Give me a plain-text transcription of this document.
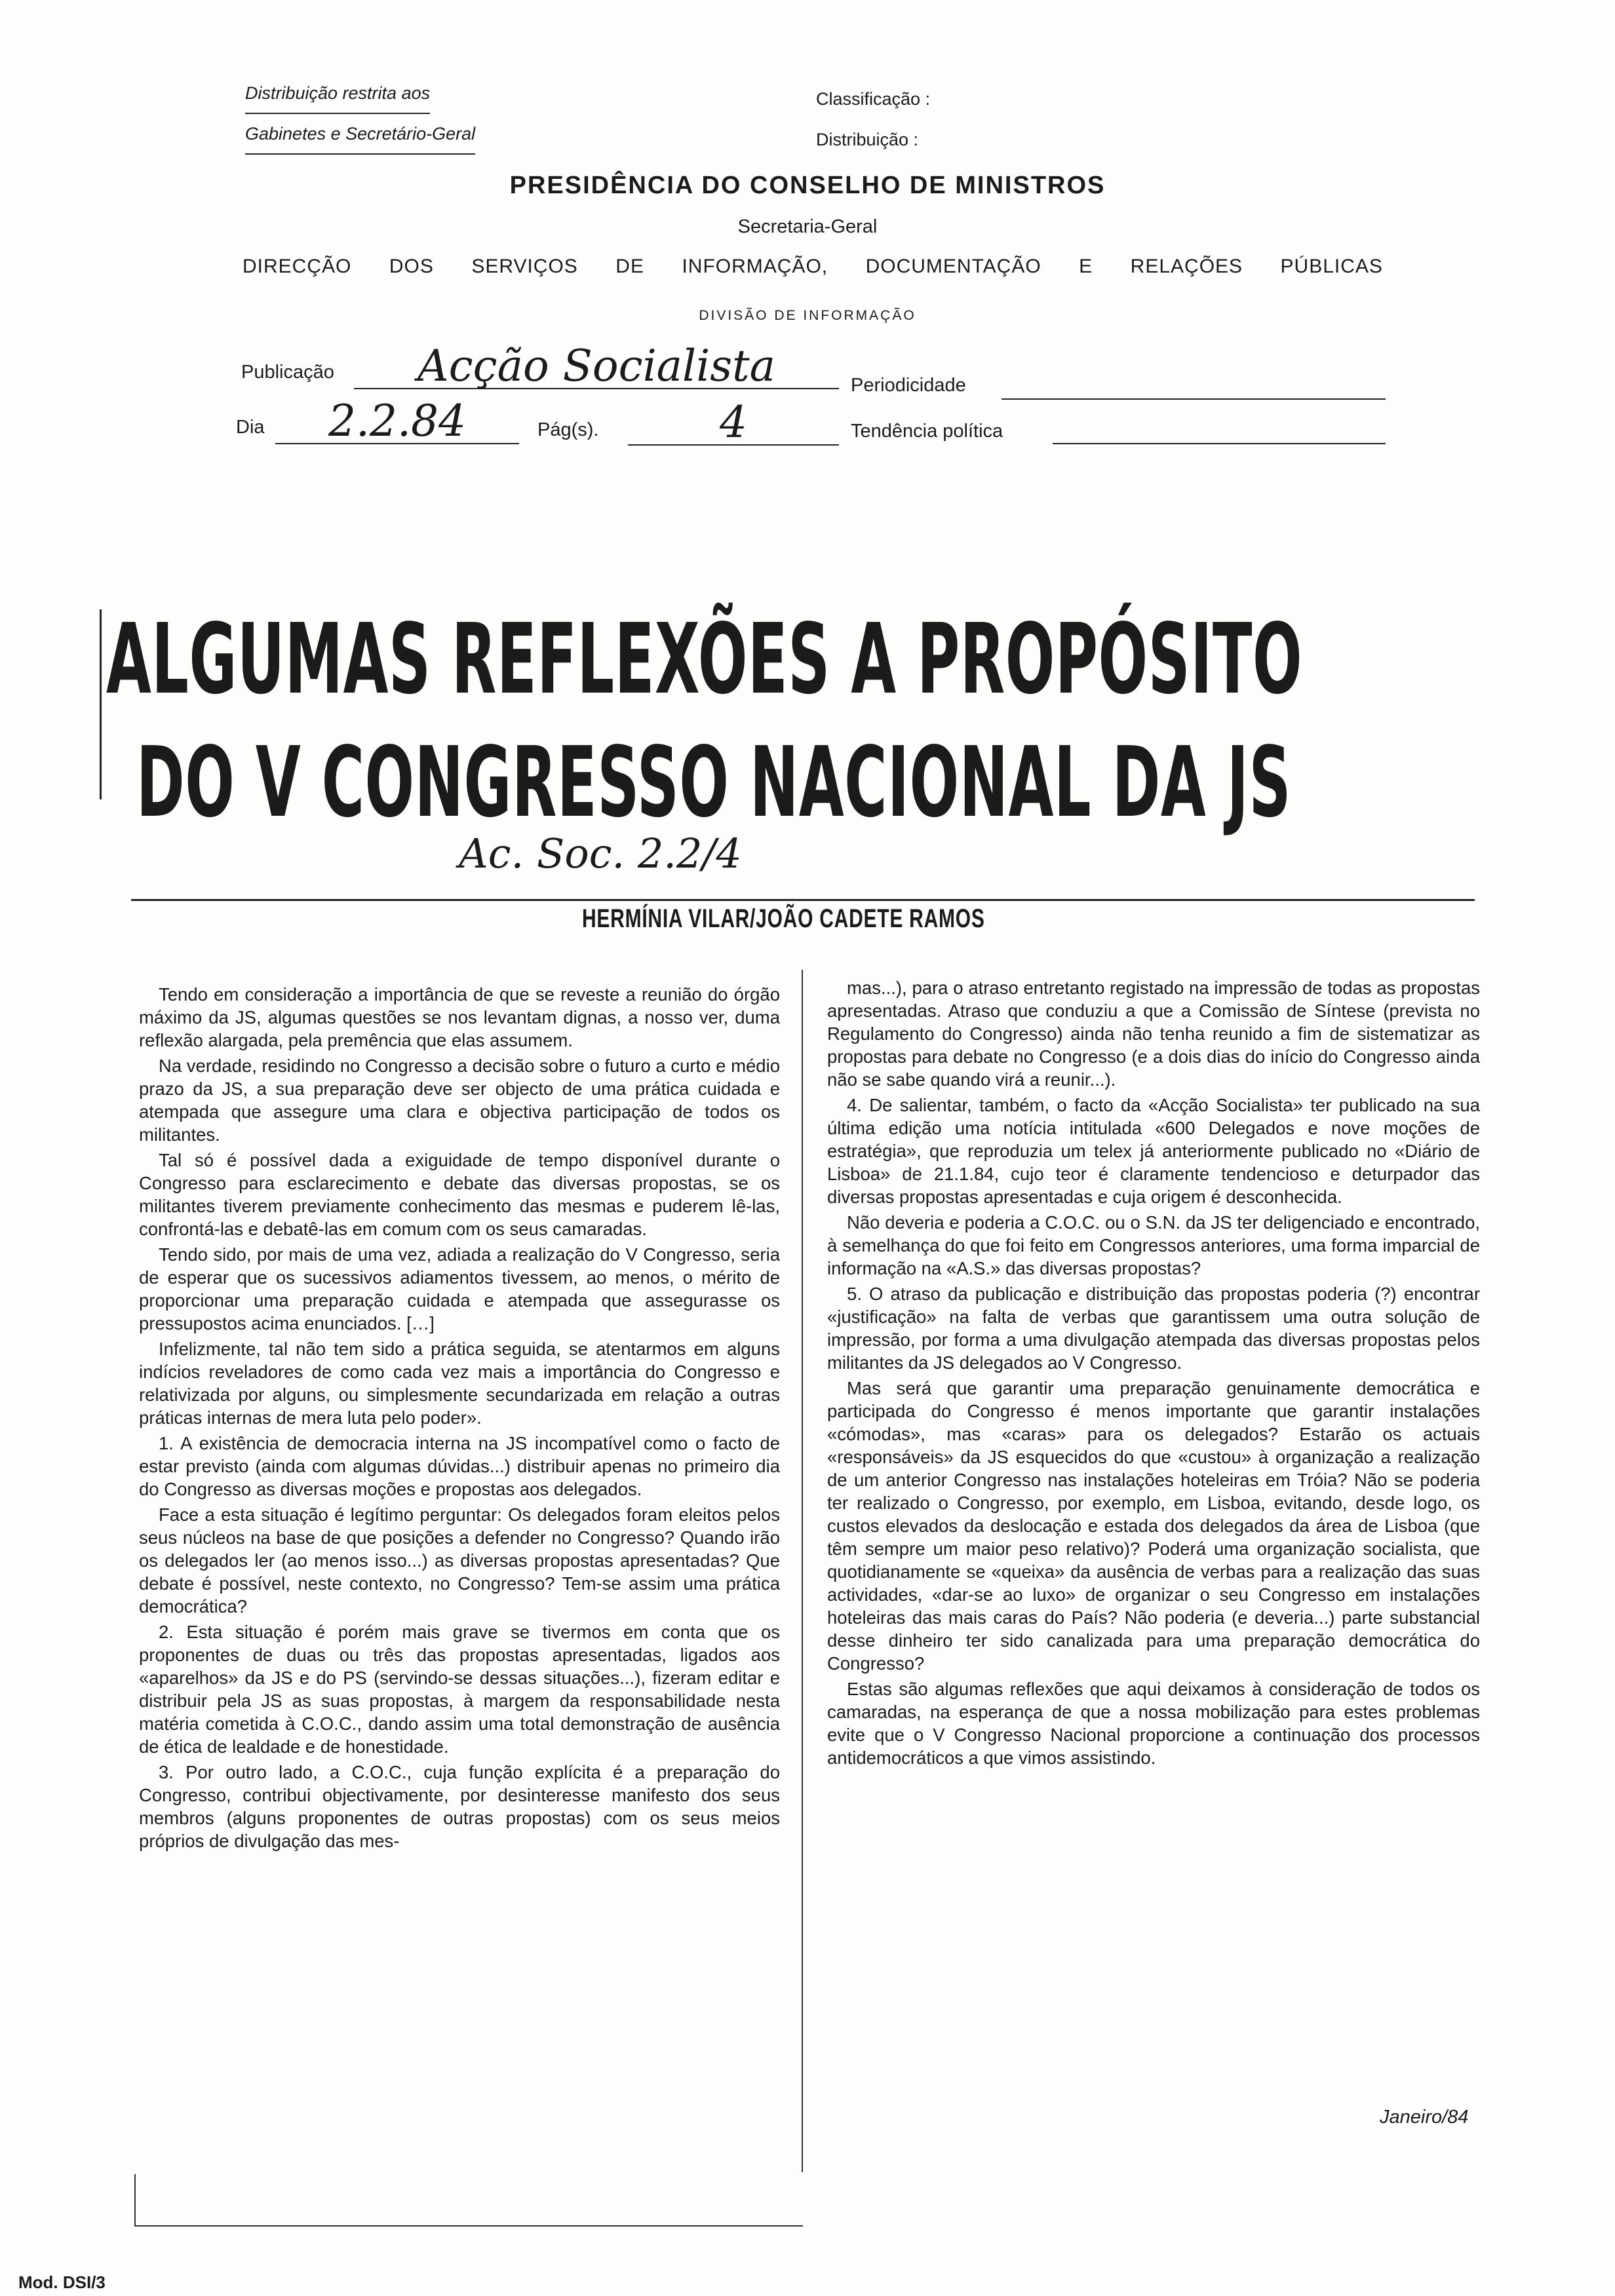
Distribuição restrita aos
Gabinetes e Secretário-Geral
Classificação :
Distribuição :
PRESIDÊNCIA DO CONSELHO DE MINISTROS
Secretaria-Geral
DIRECÇÃO DOS SERVIÇOS DE INFORMAÇÃO, DOCUMENTAÇÃO E RELAÇÕES PÚBLICAS
DIVISÃO DE INFORMAÇÃO
Publicação	Acção Socialista	Periodicidade
Dia	2.2.84	Pág(s).	4	Tendência política
ALGUMAS REFLEXÕES A PROPÓSITO
DO V CONGRESSO NACIONAL DA JS
Ac. Soc. 2.2/4
HERMÍNIA VILAR/JOÃO CADETE RAMOS

Tendo em consideração a importância de que se reveste a reunião do órgão máximo da JS, algumas questões se nos levantam dignas, a nosso ver, duma reflexão alargada, pela premência que elas assumem.

Na verdade, residindo no Congresso a decisão sobre o futuro a curto e médio prazo da JS, a sua preparação deve ser objecto de uma prática cuidada e atempada que assegure uma clara e objectiva participação de todos os militantes.

Tal só é possível dada a exiguidade de tempo disponível durante o Congresso para esclarecimento e debate das diversas propostas, se os militantes tiverem previamente conhecimento das mesmas e puderem lê-las, confrontá-las e debatê-las em comum com os seus camaradas.

Tendo sido, por mais de uma vez, adiada a realização do V Congresso, seria de esperar que os sucessivos adiamentos tivessem, ao menos, o mérito de proporcionar uma preparação cuidada e atempada que assegurasse os pressupostos acima enunciados. […]

Infelizmente, tal não tem sido a prática seguida, se atentarmos em alguns indícios reveladores de como cada vez mais a importância do Congresso e relativizada por alguns, ou simplesmente secundarizada em relação a outras práticas internas de mera luta pelo poder».

1. A existência de democracia interna na JS incompatível como o facto de estar previsto (ainda com algumas dúvidas...) distribuir apenas no primeiro dia do Congresso as diversas moções e propostas aos delegados.

Face a esta situação é legítimo perguntar: Os delegados foram eleitos pelos seus núcleos na base de que posições a defender no Congresso? Quando irão os delegados ler (ao menos isso...) as diversas propostas apresentadas? Que debate é possível, neste contexto, no Congresso? Tem-se assim uma prática democrática?

2. Esta situação é porém mais grave se tivermos em conta que os proponentes de duas ou três das propostas apresentadas, ligados aos «aparelhos» da JS e do PS (servindo-se dessas situações...), fizeram editar e distribuir pela JS as suas propostas, à margem da responsabilidade nesta matéria cometida à C.O.C., dando assim uma total demonstração de ausência de ética de lealdade e de honestidade.

3. Por outro lado, a C.O.C., cuja função explícita é a preparação do Congresso, contribui objectivamente, por desinteresse manifesto dos seus membros (alguns proponentes de outras propostas) com os seus meios próprios de divulgação das mes-

mas...), para o atraso entretanto registado na impressão de todas as propostas apresentadas. Atraso que conduziu a que a Comissão de Síntese (prevista no Regulamento do Congresso) ainda não tenha reunido a fim de sistematizar as propostas para debate no Congresso (e a dois dias do início do Congresso ainda não se sabe quando virá a reunir...).

4. De salientar, também, o facto da «Acção Socialista» ter publicado na sua última edição uma notícia intitulada «600 Delegados e nove moções de estratégia», que reproduzia um telex já anteriormente publicado no «Diário de Lisboa» de 21.1.84, cujo teor é claramente tendencioso e deturpador das diversas propostas apresentadas e cuja origem é desconhecida.

Não deveria e poderia a C.O.C. ou o S.N. da JS ter deligenciado e encontrado, à semelhança do que foi feito em Congressos anteriores, uma forma imparcial de informação na «A.S.» das diversas propostas?

5. O atraso da publicação e distribuição das propostas poderia (?) encontrar «justificação» na falta de verbas que garantissem uma outra solução de impressão, por forma a uma divulgação atempada das diversas propostas pelos militantes da JS delegados ao V Congresso.

Mas será que garantir uma preparação genuinamente democrática e participada do Congresso é menos importante que garantir instalações «cómodas», mas «caras» para os delegados? Estarão os actuais «responsáveis» da JS esquecidos do que «custou» à organização a realização de um anterior Congresso nas instalações hoteleiras em Tróia? Não se poderia ter realizado o Congresso, por exemplo, em Lisboa, evitando, desde logo, os custos elevados da deslocação e estada dos delegados da área de Lisboa (que têm sempre um maior peso relativo)? Poderá uma organização socialista, que quotidianamente se «queixa» da ausência de verbas para a realização das suas actividades, «dar-se ao luxo» de organizar o seu Congresso em instalações hoteleiras das mais caras do País? Não poderia (e deveria...) parte substancial desse dinheiro ter sido canalizada para uma preparação democrática do Congresso?

Estas são algumas reflexões que aqui deixamos à consideração de todos os camaradas, na esperança de que a nossa mobilização para estes problemas evite que o V Congresso Nacional proporcione a continuação dos processos antidemocráticos a que vimos assistindo.

Janeiro/84
Mod. DSI/3
